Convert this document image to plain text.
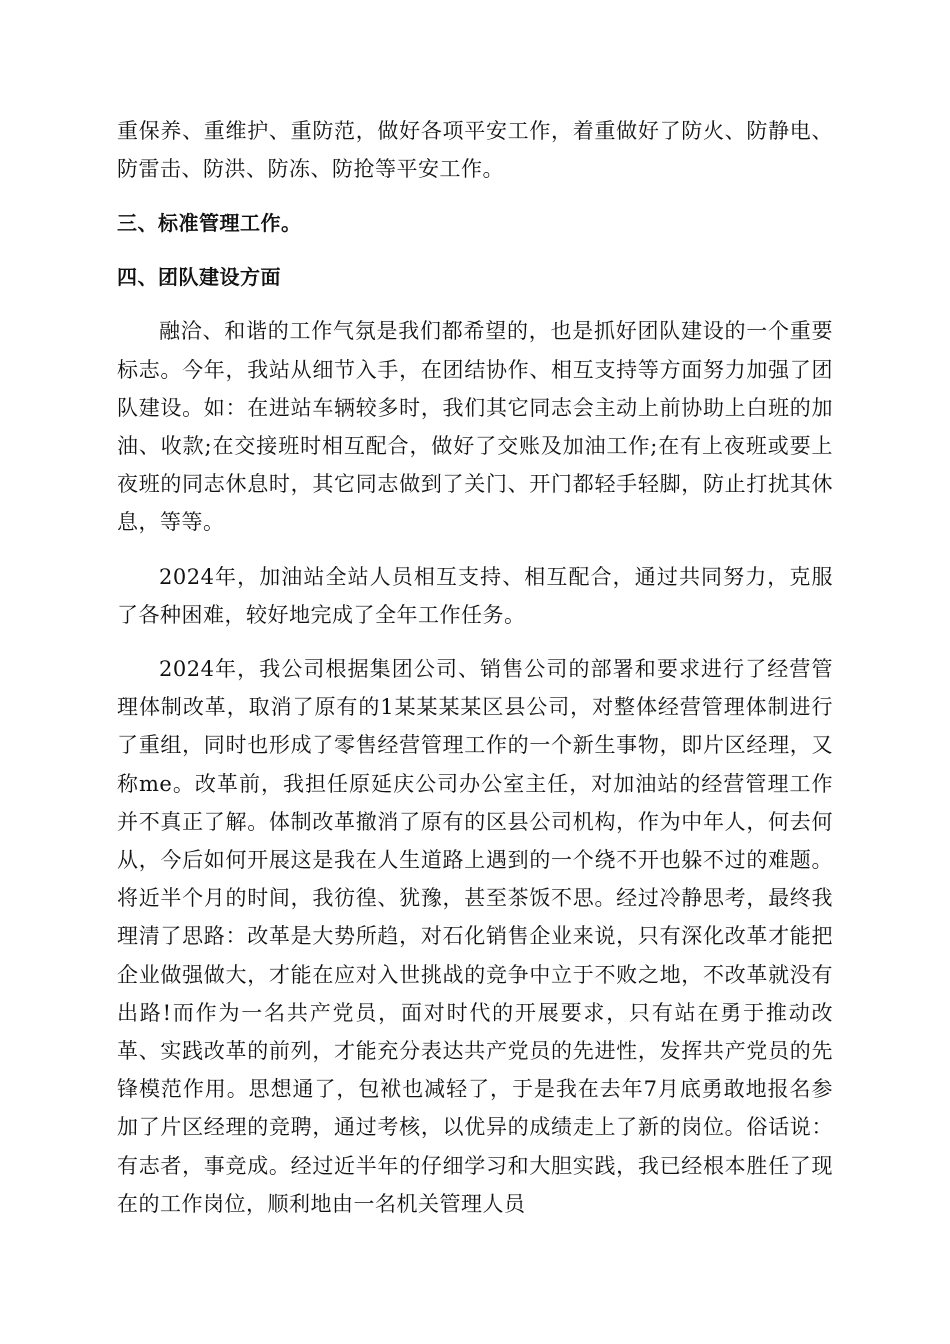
重保养、重维护、重防范，做好各项平安工作，着重做好了防火、防静电、防雷击、防洪、防冻、防抢等平安工作。

三、标准管理工作。

四、团队建设方面

融洽、和谐的工作气氛是我们都希望的，也是抓好团队建设的一个重要标志。今年，我站从细节入手，在团结协作、相互支持等方面努力加强了团队建设。如：在进站车辆较多时，我们其它同志会主动上前协助上白班的加油、收款;在交接班时相互配合，做好了交账及加油工作;在有上夜班或要上夜班的同志休息时，其它同志做到了关门、开门都轻手轻脚，防止打扰其休息，等等。

2024年，加油站全站人员相互支持、相互配合，通过共同努力，克服了各种困难，较好地完成了全年工作任务。

2024年，我公司根据集团公司、销售公司的部署和要求进行了经营管理体制改革，取消了原有的1某某某某区县公司，对整体经营管理体制进行了重组，同时也形成了零售经营管理工作的一个新生事物，即片区经理，又称me。改革前，我担任原延庆公司办公室主任，对加油站的经营管理工作并不真正了解。体制改革撤消了原有的区县公司机构，作为中年人，何去何从，今后如何开展这是我在人生道路上遇到的一个绕不开也躲不过的难题。将近半个月的时间，我彷徨、犹豫，甚至茶饭不思。经过冷静思考，最终我理清了思路：改革是大势所趋，对石化销售企业来说，只有深化改革才能把企业做强做大，才能在应对入世挑战的竞争中立于不败之地，不改革就没有出路!而作为一名共产党员，面对时代的开展要求，只有站在勇于推动改革、实践改革的前列，才能充分表达共产党员的先进性，发挥共产党员的先锋模范作用。思想通了，包袱也减轻了，于是我在去年7月底勇敢地报名参加了片区经理的竞聘，通过考核，以优异的成绩走上了新的岗位。俗话说：有志者，事竞成。经过近半年的仔细学习和大胆实践，我已经根本胜任了现在的工作岗位，顺利地由一名机关管理人员
